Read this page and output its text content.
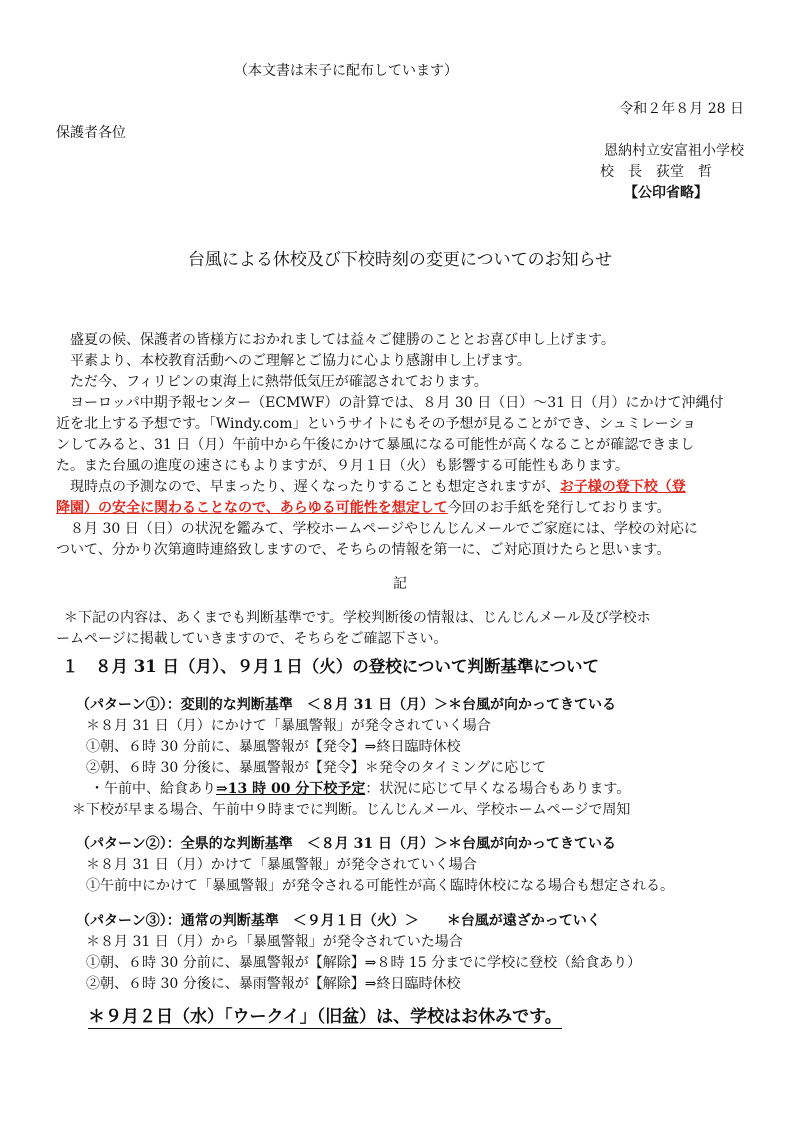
（本文書は末子に配布しています）
令和２年８月 28 日
保護者各位
恩納村立安富祖小学校
校　長　荻堂　哲
【公印省略】
台風による休校及び下校時刻の変更についてのお知らせ
盛夏の候、保護者の皆様方におかれましては益々ご健勝のこととお喜び申し上げます。
平素より、本校教育活動へのご理解とご協力に心より感謝申し上げます。
ただ今、フィリピンの東海上に熱帯低気圧が確認されております。
ヨーロッパ中期予報センター（ECMWF）の計算では、８月 30 日（日）～31 日（月）にかけて沖縄付
近を北上する予想です。「Windy.com」というサイトにもその予想が見ることができ、シュミレーショ
ンしてみると、31 日（月）午前中から午後にかけて暴風になる可能性が高くなることが確認できまし
た。また台風の進度の速さにもよりますが、９月１日（火）も影響する可能性もあります。
現時点の予測なので、早まったり、遅くなったりすることも想定されますが、お子様の登下校（登
降園）の安全に関わることなので、あらゆる可能性を想定して今回のお手紙を発行しております。
８月 30 日（日）の状況を鑑みて、学校ホームページやじんじんメールでご家庭には、学校の対応に
ついて、分かり次第適時連絡致しますので、そちらの情報を第一に、ご対応頂けたらと思います。
記
＊下記の内容は、あくまでも判断基準です。学校判断後の情報は、じんじんメール及び学校ホ
ームページに掲載していきますので、そちらをご確認下さい。
１　８月 31 日（月）、９月１日（火）の登校について判断基準について
（パターン①）：変則的な判断基準　＜８月 31 日（月）＞＊台風が向かってきている
＊８月 31 日（月）にかけて「暴風警報」が発令されていく場合
①朝、６時 30 分前に、暴風警報が【発令】⇒終日臨時休校
②朝、６時 30 分後に、暴風警報が【発令】＊発令のタイミングに応じて
・午前中、給食あり⇒13 時 00 分下校予定：状況に応じて早くなる場合もあります。
＊下校が早まる場合、午前中９時までに判断。じんじんメール、学校ホームページで周知
（パターン②）：全県的な判断基準　＜８月 31 日（月）＞＊台風が向かってきている
＊８月 31 日（月）かけて「暴風警報」が発令されていく場合
①午前中にかけて「暴風警報」が発令される可能性が高く臨時休校になる場合も想定される。
（パターン③）：通常の判断基準　＜９月１日（火）＞　　＊台風が遠ざかっていく
＊８月 31 日（月）から「暴風警報」が発令されていた場合
①朝、６時 30 分前に、暴風警報が【解除】⇒８時 15 分までに学校に登校（給食あり）
②朝、６時 30 分後に、暴雨警報が【解除】⇒終日臨時休校
＊９月２日（水）「ウークイ」（旧盆）は、学校はお休みです。
